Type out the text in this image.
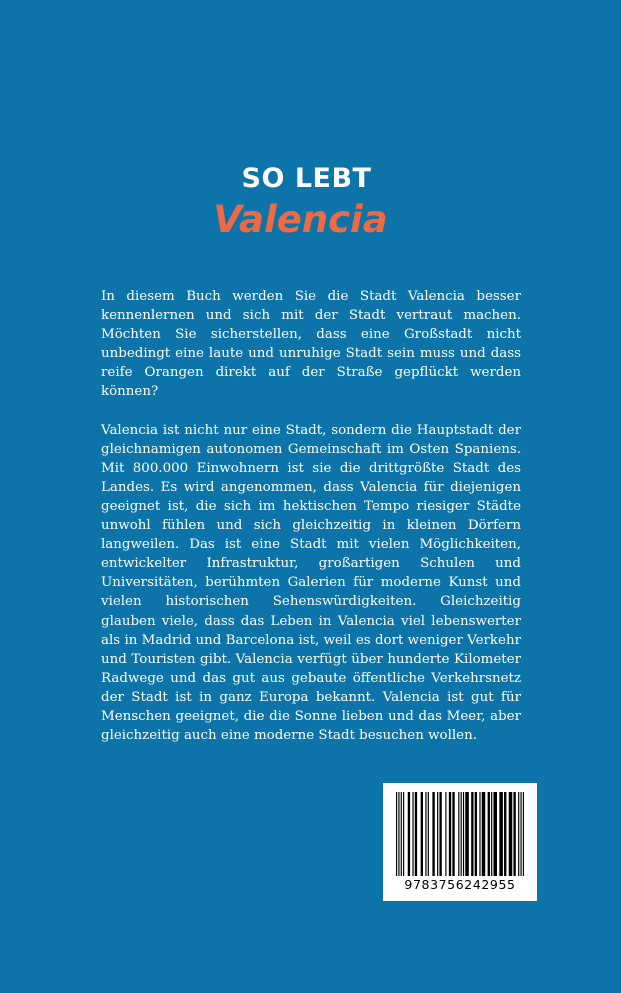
SO LEBT
Valencia

In diesem Buch werden Sie die Stadt Valencia besser kennenlernen und sich mit der Stadt vertraut machen. Möchten Sie sicherstellen, dass eine Großstadt nicht unbedingt eine laute und unruhige Stadt sein muss und dass reife Orangen direkt auf der Straße gepflückt werden können?

Valencia ist nicht nur eine Stadt, sondern die Hauptstadt der gleichnamigen autonomen Gemeinschaft im Osten Spaniens. Mit 800.000 Einwohnern ist sie die drittgrößte Stadt des Landes. Es wird angenommen, dass Valencia für diejenigen geeignet ist, die sich im hektischen Tempo riesiger Städte unwohl fühlen und sich gleichzeitig in kleinen Dörfern langweilen. Das ist eine Stadt mit vielen Möglichkeiten, entwickelter Infrastruktur, großartigen Schulen und Universitäten, berühmten Galerien für moderne Kunst und vielen historischen Sehenswürdigkeiten. Gleichzeitig glauben viele, dass das Leben in Valencia viel lebenswerter als in Madrid und Barcelona ist, weil es dort weniger Verkehr und Touristen gibt. Valencia verfügt über hunderte Kilometer Radwege und das gut aus gebaute öffentliche Verkehrsnetz der Stadt ist in ganz Europa bekannt. Valencia ist gut für Menschen geeignet, die die Sonne lieben und das Meer, aber gleichzeitig auch eine moderne Stadt besuchen wollen.

9783756242955
